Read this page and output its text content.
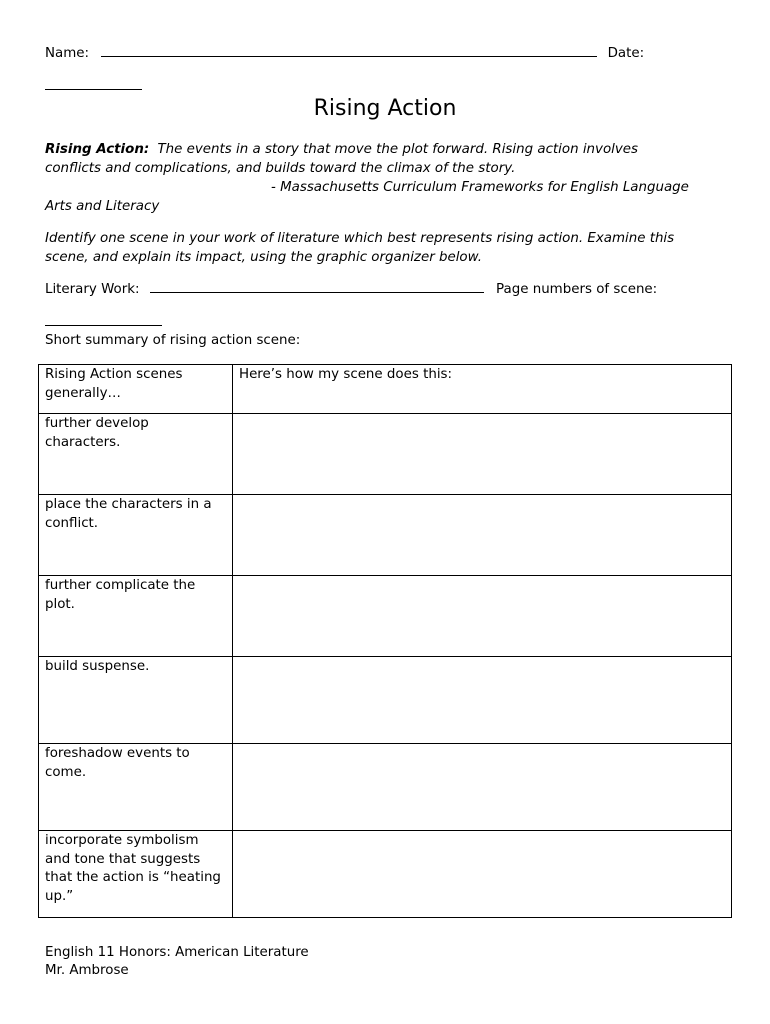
Name:	Date:
Rising Action
Rising Action: The events in a story that move the plot forward. Rising action involves
conflicts and complications, and builds toward the climax of the story.
- Massachusetts Curriculum Frameworks for English Language
Arts and Literacy
Identify one scene in your work of literature which best represents rising action. Examine this
scene, and explain its impact, using the graphic organizer below.
Literary Work:	Page numbers of scene:
Short summary of rising action scene:
Rising Action scenes generally…	Here’s how my scene does this:
further develop characters.	
place the characters in a conflict.	
further complicate the plot.	
build suspense.	
foreshadow events to come.	
incorporate symbolism and tone that suggests that the action is “heating up.”	
English 11 Honors: American Literature
Mr. Ambrose
